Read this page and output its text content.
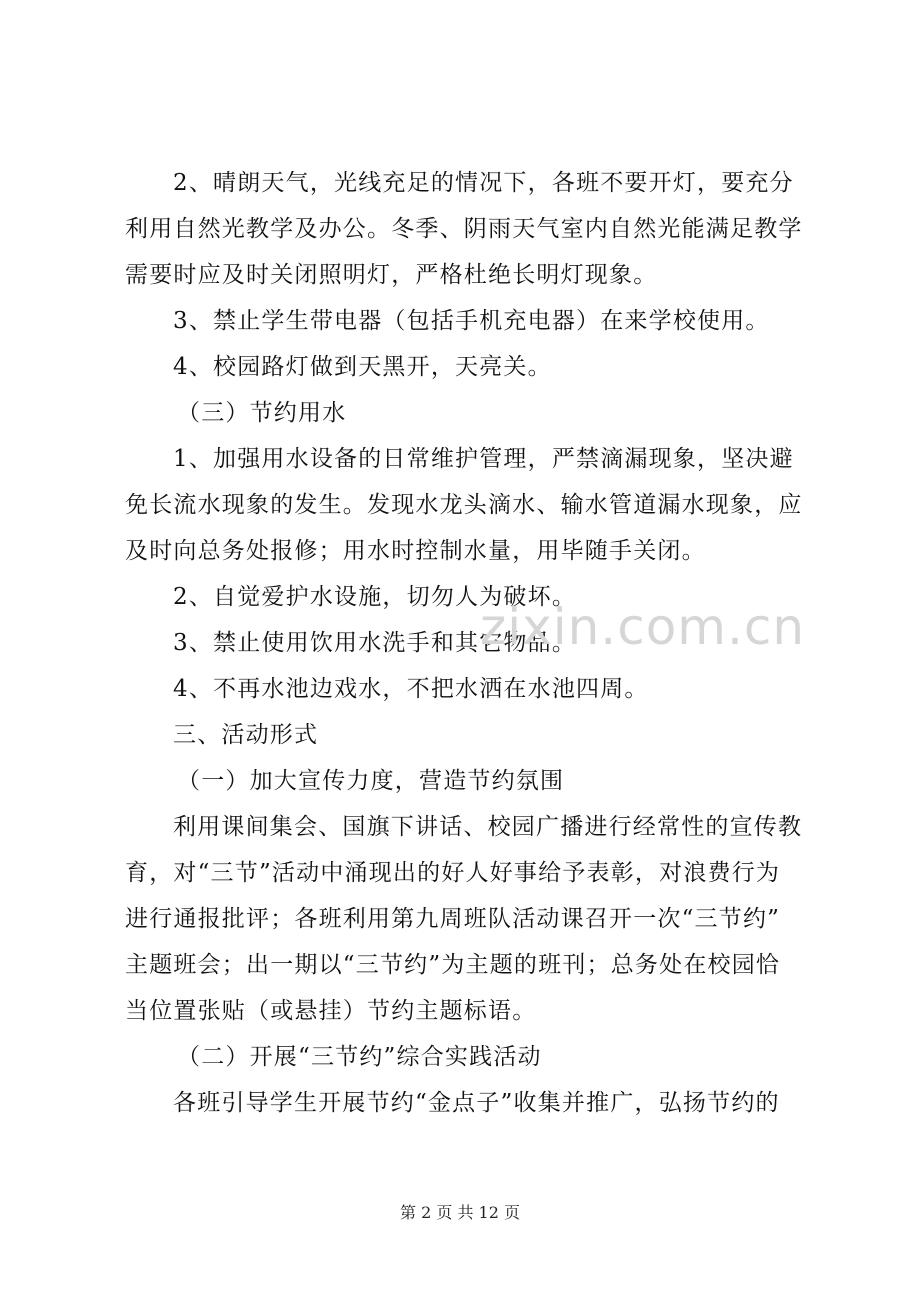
2、晴朗天气，光线充足的情况下，各班不要开灯，要充分
利用自然光教学及办公。冬季、阴雨天气室内自然光能满足教学
需要时应及时关闭照明灯，严格杜绝长明灯现象。
3、禁止学生带电器（包括手机充电器）在来学校使用。
4、校园路灯做到天黑开，天亮关。
（三）节约用水
1、加强用水设备的日常维护管理，严禁滴漏现象，坚决避
免长流水现象的发生。发现水龙头滴水、输水管道漏水现象，应
及时向总务处报修；用水时控制水量，用毕随手关闭。
2、自觉爱护水设施，切勿人为破坏。
3、禁止使用饮用水洗手和其它物品。
4、不再水池边戏水，不把水洒在水池四周。
三、活动形式
（一）加大宣传力度，营造节约氛围
利用课间集会、国旗下讲话、校园广播进行经常性的宣传教
育，对“三节”活动中涌现出的好人好事给予表彰，对浪费行为
进行通报批评；各班利用第九周班队活动课召开一次“三节约”
主题班会；出一期以“三节约”为主题的班刊；总务处在校园恰
当位置张贴（或悬挂）节约主题标语。
（二）开展“三节约”综合实践活动
各班引导学生开展节约“金点子”收集并推广，弘扬节约的
zixin.com.cn
第 2 页 共 12 页
